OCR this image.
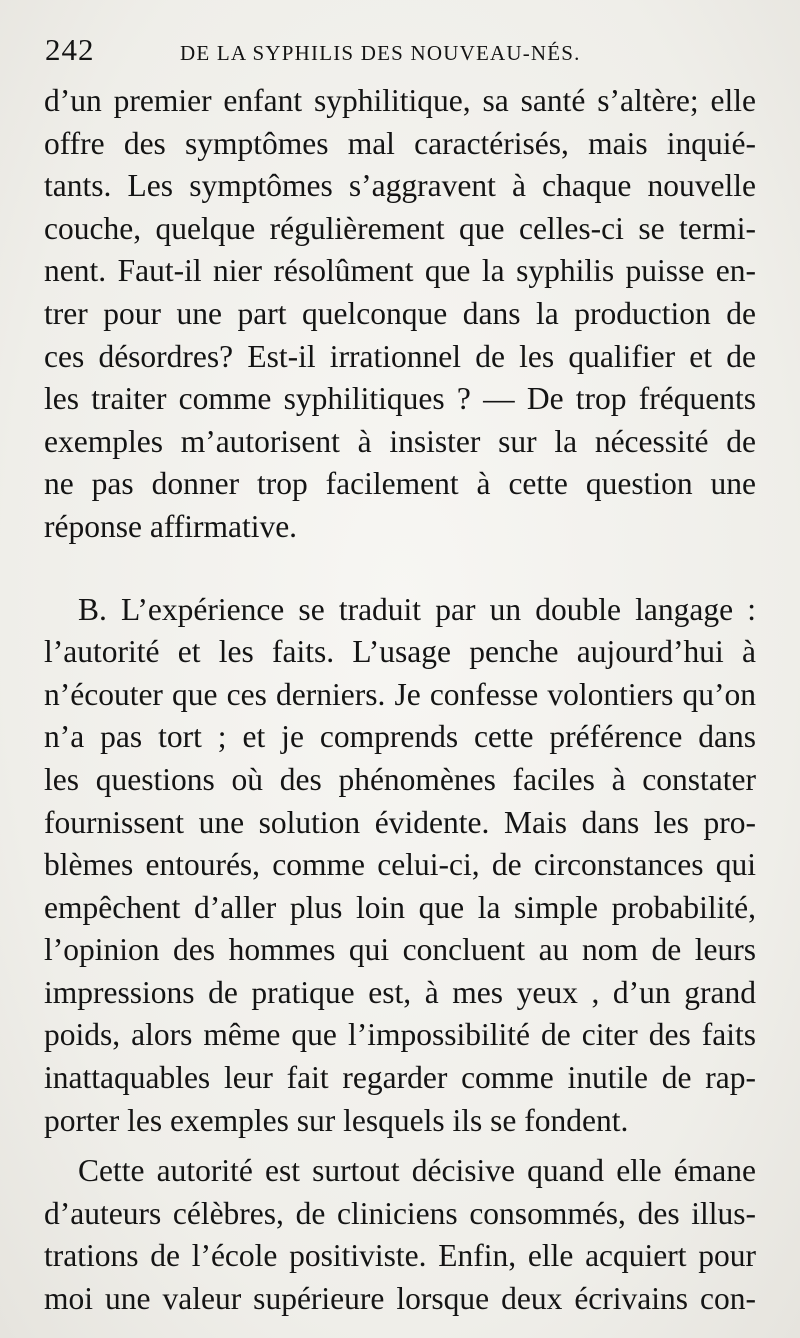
242	DE LA SYPHILIS DES NOUVEAU-NÉS.
d’un premier enfant syphilitique, sa santé s’altère; elle
offre des symptômes mal caractérisés, mais inquié-
tants. Les symptômes s’aggravent à chaque nouvelle
couche, quelque régulièrement que celles-ci se termi-
nent. Faut-il nier résolûment que la syphilis puisse en-
trer pour une part quelconque dans la production de
ces désordres? Est-il irrationnel de les qualifier et de
les traiter comme syphilitiques ? — De trop fréquents
exemples m’autorisent à insister sur la nécessité de
ne pas donner trop facilement à cette question une
réponse affirmative.
B. L’expérience se traduit par un double langage :
l’autorité et les faits. L’usage penche aujourd’hui à
n’écouter que ces derniers. Je confesse volontiers qu’on
n’a pas tort ; et je comprends cette préférence dans
les questions où des phénomènes faciles à constater
fournissent une solution évidente. Mais dans les pro-
blèmes entourés, comme celui-ci, de circonstances qui
empêchent d’aller plus loin que la simple probabilité,
l’opinion des hommes qui concluent au nom de leurs
impressions de pratique est, à mes yeux , d’un grand
poids, alors même que l’impossibilité de citer des faits
inattaquables leur fait regarder comme inutile de rap-
porter les exemples sur lesquels ils se fondent.
Cette autorité est surtout décisive quand elle émane
d’auteurs célèbres, de cliniciens consommés, des illus-
trations de l’école positiviste. Enfin, elle acquiert pour
moi une valeur supérieure lorsque deux écrivains con-
